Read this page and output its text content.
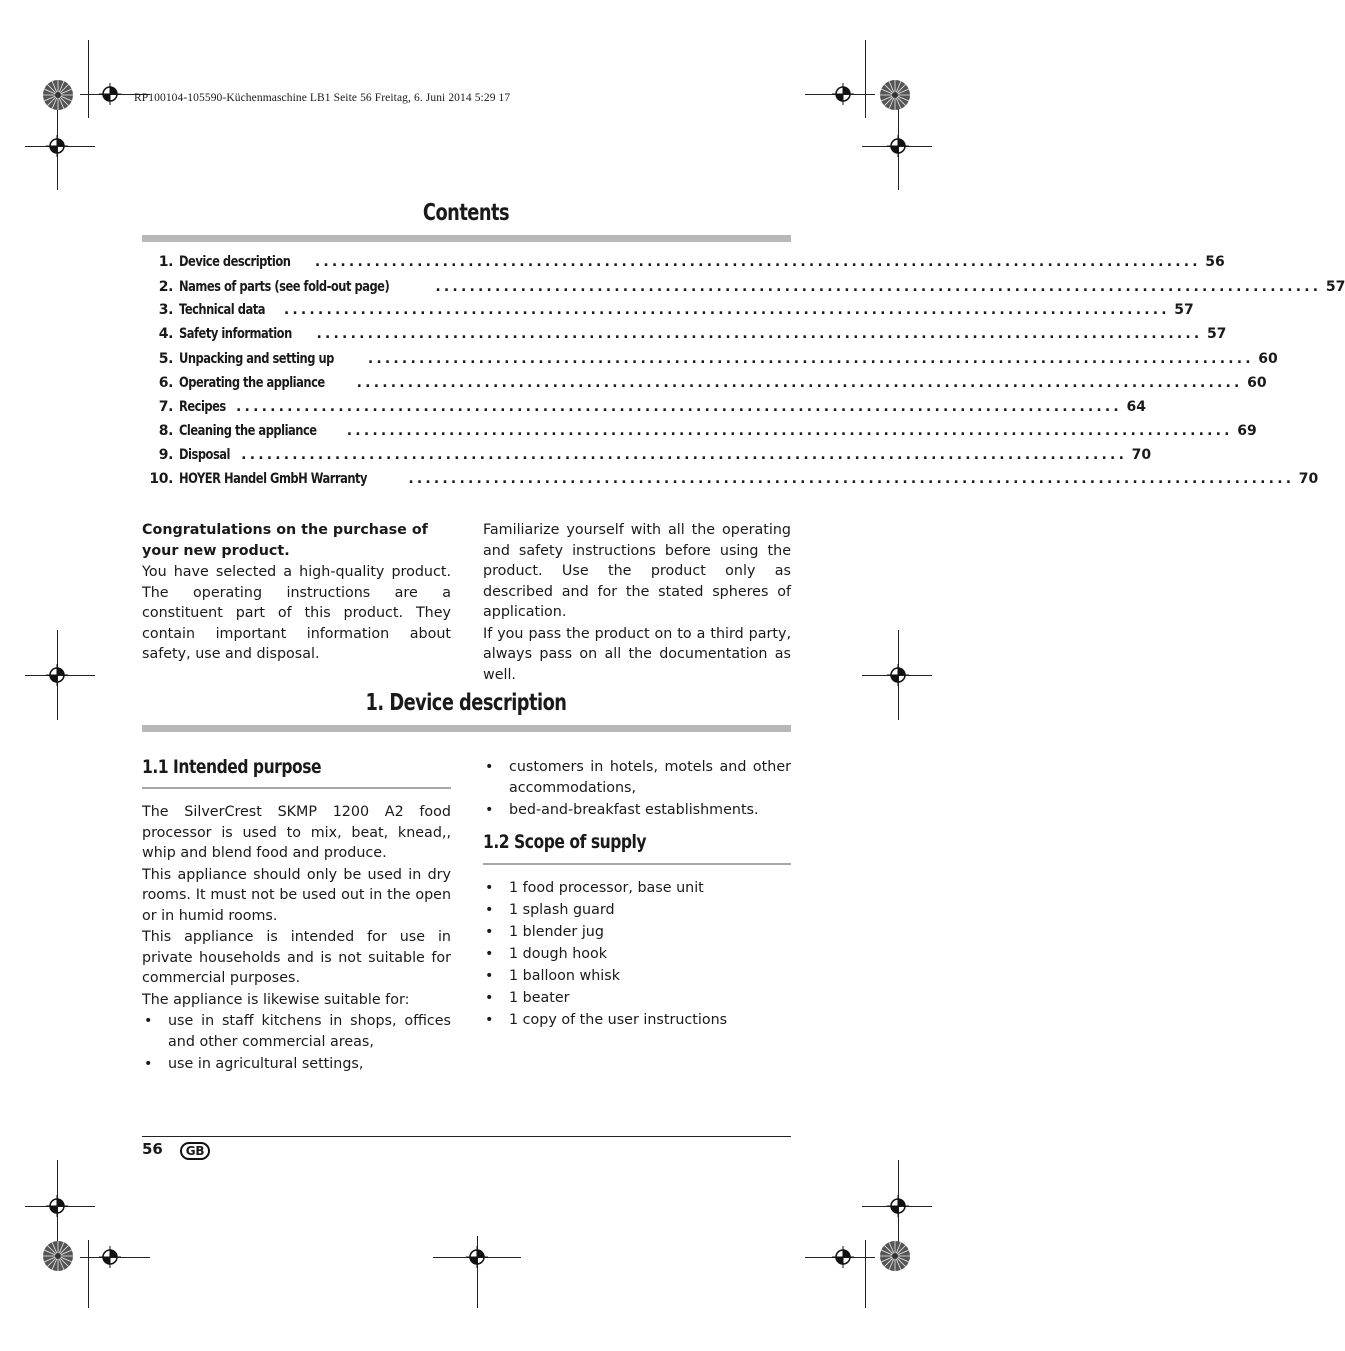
RP100104-105590-Küchenmaschine LB1 Seite 56 Freitag, 6. Juni 2014 5:29 17
Contents
1. Device description ........................................................................................................ 56
2. Names of parts (see fold-out page)	........................................................................................................ 57
3. Technical data ........................................................................................................ 57
4. Safety information ........................................................................................................ 57
5. Unpacking and setting up ........................................................................................................ 60
6. Operating the appliance ........................................................................................................ 60
7. Recipes ........................................................................................................ 64
8. Cleaning the appliance ........................................................................................................ 69
9. Disposal ........................................................................................................ 70
10. HOYER Handel GmbH Warranty	........................................................................................................ 70

Congratulations on the purchase of your new product.

You have selected a high-quality product. The operating instructions are a constituent part of this product. They contain important information about safety, use and disposal.

Familiarize yourself with all the operating and safety instructions before using the product. Use the product only as described and for the stated spheres of application.

If you pass the product on to a third party, always pass on all the documentation as well.

1. Device description
1.1 Intended purpose

The SilverCrest SKMP 1200 A2 food processor is used to mix, beat, knead,, whip and blend food and produce.

This appliance should only be used in dry rooms. It must not be used out in the open or in humid rooms.

This appliance is intended for use in private households and is not suitable for commercial purposes.

The appliance is likewise suitable for:

• use in staff kitchens in shops, offices and other commercial areas,
• use in agricultural settings,
• customers in hotels, motels and other accommodations,
• bed-and-breakfast establishments.
1.2 Scope of supply
• 1 food processor, base unit
• 1 splash guard
• 1 blender jug
• 1 dough hook
• 1 balloon whisk
• 1 beater
• 1 copy of the user instructions
56	GB
